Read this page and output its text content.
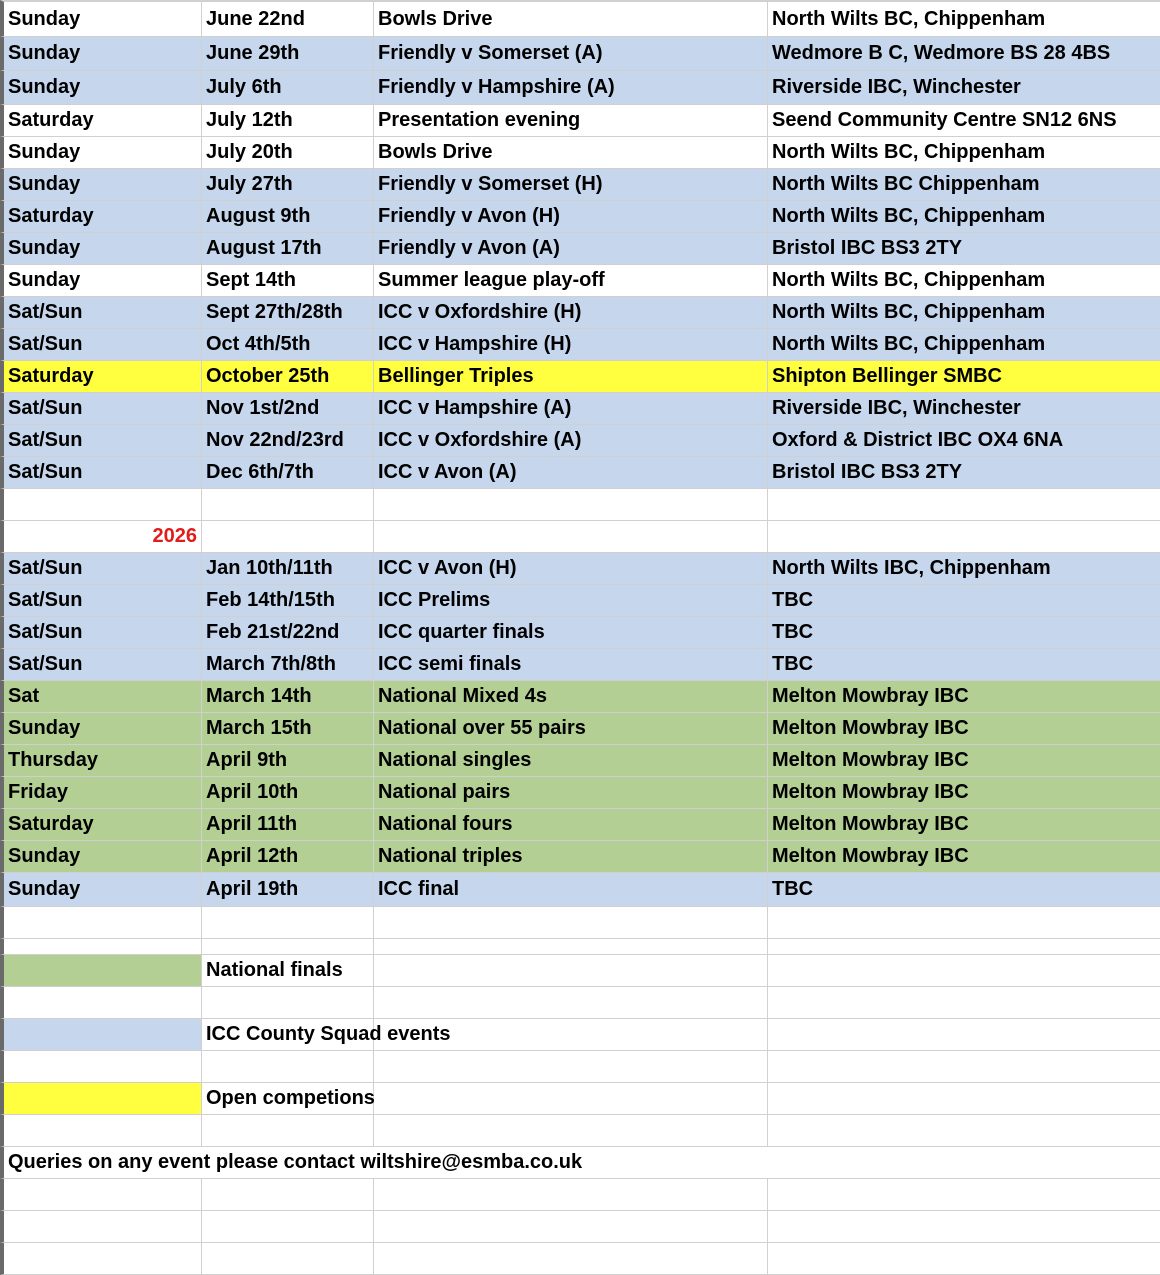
Sunday	June 22nd	Bowls Drive	North Wilts BC, Chippenham
Sunday	June 29th	Friendly v Somerset (A)	Wedmore B C, Wedmore BS 28 4BS
Sunday	July 6th	Friendly v Hampshire (A)	Riverside IBC, Winchester
Saturday	July 12th	Presentation evening	Seend Community Centre SN12 6NS
Sunday	July 20th	Bowls Drive	North Wilts BC, Chippenham
Sunday	July 27th	Friendly v Somerset (H)	North Wilts BC Chippenham
Saturday	August 9th	Friendly v Avon (H)	North Wilts BC, Chippenham
Sunday	August 17th	Friendly v Avon (A)	Bristol IBC BS3 2TY
Sunday	Sept 14th	Summer league play-off	North Wilts BC, Chippenham
Sat/Sun	Sept 27th/28th	ICC v Oxfordshire (H)	North Wilts BC, Chippenham
Sat/Sun	Oct 4th/5th	ICC v Hampshire (H)	North Wilts BC, Chippenham
Saturday	October 25th	Bellinger Triples	Shipton Bellinger SMBC
Sat/Sun	Nov 1st/2nd	ICC v Hampshire (A)	Riverside IBC, Winchester
Sat/Sun	Nov 22nd/23rd	ICC v Oxfordshire (A)	Oxford & District IBC OX4 6NA
Sat/Sun	Dec 6th/7th	ICC v Avon (A)	Bristol IBC BS3 2TY
2026
Sat/Sun	Jan 10th/11th	ICC v Avon (H)	North Wilts IBC, Chippenham
Sat/Sun	Feb 14th/15th	ICC Prelims	TBC
Sat/Sun	Feb 21st/22nd	ICC quarter finals	TBC
Sat/Sun	March 7th/8th	ICC semi finals	TBC
Sat	March 14th	National Mixed 4s	Melton Mowbray IBC
Sunday	March 15th	National over 55 pairs	Melton Mowbray IBC
Thursday	April 9th	National singles	Melton Mowbray IBC
Friday	April 10th	National pairs	Melton Mowbray IBC
Saturday	April 11th	National fours	Melton Mowbray IBC
Sunday	April 12th	National triples	Melton Mowbray IBC
Sunday	April 19th	ICC final	TBC
National finals
ICC County Squad events
Open competions
Queries on any event please contact wiltshire@esmba.co.uk
